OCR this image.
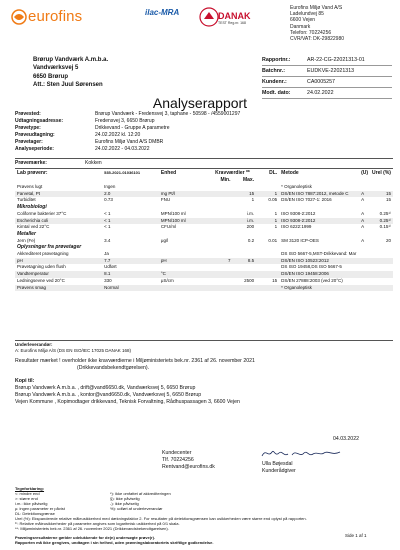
eurofins	ilac-MRA	DANAK
TEST Reg.nr. 168
Eurofins Miljø Vand A/S
Ladelundvej 85
6600 Vejen
Danmark
Telefon: 70224256
CVR/VAT: DK-29822980
Brørup Vandværk A.m.b.a.
Vandværksvej 5
6650 Brørup
Att.: Sten Juul Sørensen
Rapportnr.:	AR-22-CG-22021313-01
Batchnr.:	EUDKVE-22021313
Kundenr.:	CA0005257
Modt. dato:	24.02.2022
Analyserapport
Prøvested:	Brørup Vandværk - Fredensvej 3, taphane - 50598 - /4559001297
Udtagningsadresse:	Fredensvej 3, 6650 Brørup
Prøvetype:	Drikkevand - Gruppe A parametre
Prøveudtagning:	24.02.2022 kl. 12:20
Prøvetager:	Eurofins Miljø Vand A/S DMBR
Analyseperiode:	24.02.2022 - 04.03.2022
Prøvemærke:	Kokken
Lab prøvenr:	535-2021-01036101	Enhed	Kravværdier **		DL.	Metode	(U)	Urel (%)
			Min.	Max.				
Prøvens lugt	Ingen					* Organoleptisk		
Farvetal, Pt	2.0	mg Pt/l		15	1	DS/EN ISO 7887:2012, metode C	A	15
Turbiditet	0.73	FNU		1	0.05	DS/EN ISO 7027-1: 2016	A	15
Mikrobiologi								
Coliforme bakterier 37°C	< 1	MPN/100 ml		i.m.	1	ISO 9308-2:2012	A	0.25¹⁾
Escherichia coli	< 1	MPN/100 ml		i.m.	1	ISO 9308-2:2012	A	0.25¹⁾
Kimtal ved 22°C	< 1	CFU/ml		200	1	ISO 6222:1999	A	0.15¹⁾
Metaller								
Jern (Fe)	3.4	μg/l		0.2	0.01	SM 3120 ICP-OES	A	20
Oplysninger fra prøvetager								
Akkrediteret prøvetagning	Ja					DS ISO 5667-5,MST-Drikkevand: Mar		
pH	7.7	pH	7	8.5		DS/EN ISO 10523:2012		
Prøvetagning uden flush	Udført					DS ISO 19458,DS ISO 5667-5		
Vandtemperatur	8.1	°C				DS/EN ISO 19458:2006		
Ledningsevne ved 20°C	330	μS/cm		2500	15	DS/EN 27888:2003 (ved 20°C)		
Prøvens smag	Normal					* Organoleptisk		
Underleverandør:
A: Eurofins Miljø A/S (DS EN ISO/IEC 17025 DANAK 168)
Resultater mærket ! overholder ikke kravværdierne i Miljøministeriets bek.nr. 2361 af 26. november 2021
(Drikkevandsbekendtgørelsen).
Kopi til:
Brørup Vandværk A.m.b.a. , drift@vand6650.dk, Vandværksvej 5, 6650 Brørup
Brørup Vandværk A.m.b.a. , kontor@vand6650.dk, Vandværksvej 5, 6650 Brørup
Vejen Kommune , Kopimodtager drikkevand, Teknisk Forvaltning, Rådhuspassagen 3, 6600 Vejen
04.03.2022
Kundecenter
Tlf. 70224256
Rentvand@eurofins.dk	Ulla Bøjesdal
Kunderådgiver
Tegnforklaring:
<: mindre end
>: større end
i.m.: ikke påviselig
µ: ingen parameter er påvist
DL: Detektionsgrænse
*): ikke omfattet af akkrediteringen
§): ikke påviselig
-): ikke påviselig
%): udført af underleverandør
Urel (%): Ekspanderede relative måleusikkerhed med dækningsfaktor 2. For resultater på detektionsgrænsen kan usikkerheden være større end oplyst på rapporten.
¹⁾: Relative måleusikkerheder på parametre angives som logaritmisk usikkerhed på 0/1 skala.
**: Miljøministeriets bek.nr. 2361 af 26. november 2021 (Drikkevandsbekendtgørelsen).
Side 1 af 1
Prøvningsresultaterne gælder udelukkende for de(n) undersøgte prøve(r).
Rapporten må ikke gengives, undtagen i sin helhed, uden prøvningslaboratoriets skriftlige godkendelse.
